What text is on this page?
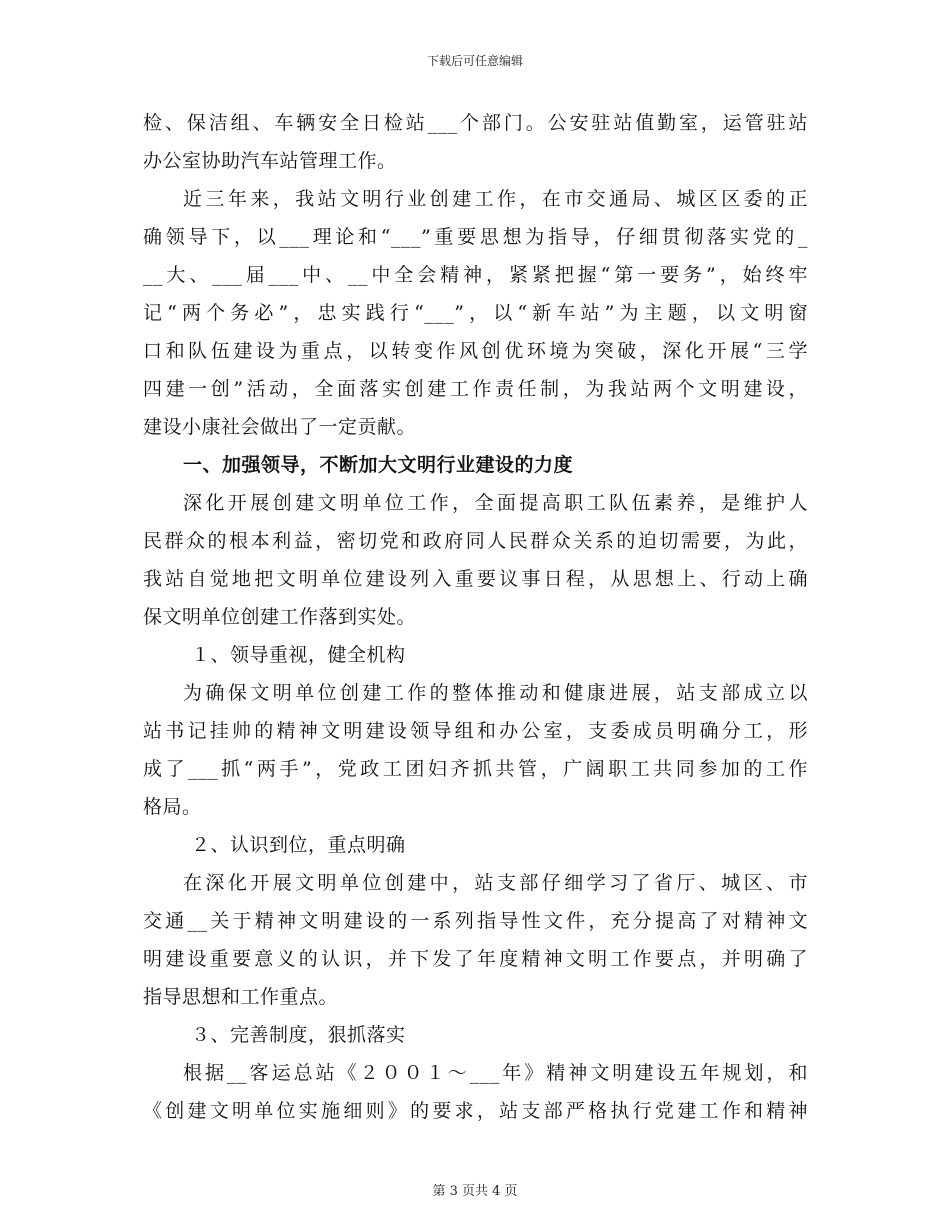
下载后可任意编辑
检、保洁组、车辆安全日检站___个部门。公安驻站值勤室，运管驻站
办公室协助汽车站管理工作。
近三年来，我站文明行业创建工作，在市交通局、城区区委的正
确领导下，以___理论和“___”重要思想为指导，仔细贯彻落实党的_
__大、___届___中、__中全会精神，紧紧把握“第一要务”，始终牢
记“两个务必”，忠实践行“___”，以“新车站”为主题，以文明窗
口和队伍建设为重点，以转变作风创优环境为突破，深化开展“三学
四建一创”活动，全面落实创建工作责任制，为我站两个文明建设，
建设小康社会做出了一定贡献。
一、加强领导，不断加大文明行业建设的力度
深化开展创建文明单位工作，全面提高职工队伍素养，是维护人
民群众的根本利益，密切党和政府同人民群众关系的迫切需要，为此，
我站自觉地把文明单位建设列入重要议事日程，从思想上、行动上确
保文明单位创建工作落到实处。
１、领导重视，健全机构
为确保文明单位创建工作的整体推动和健康进展，站支部成立以
站书记挂帅的精神文明建设领导组和办公室，支委成员明确分工，形
成了___抓“两手”，党政工团妇齐抓共管，广阔职工共同参加的工作
格局。
２、认识到位，重点明确
在深化开展文明单位创建中，站支部仔细学习了省厅、城区、市
交通__关于精神文明建设的一系列指导性文件，充分提高了对精神文
明建设重要意义的认识，并下发了年度精神文明工作要点，并明确了
指导思想和工作重点。
３、完善制度，狠抓落实
根据__客运总站《２００１～___年》精神文明建设五年规划，和
《创建文明单位实施细则》的要求，站支部严格执行党建工作和精神
第 3 页共 4 页
